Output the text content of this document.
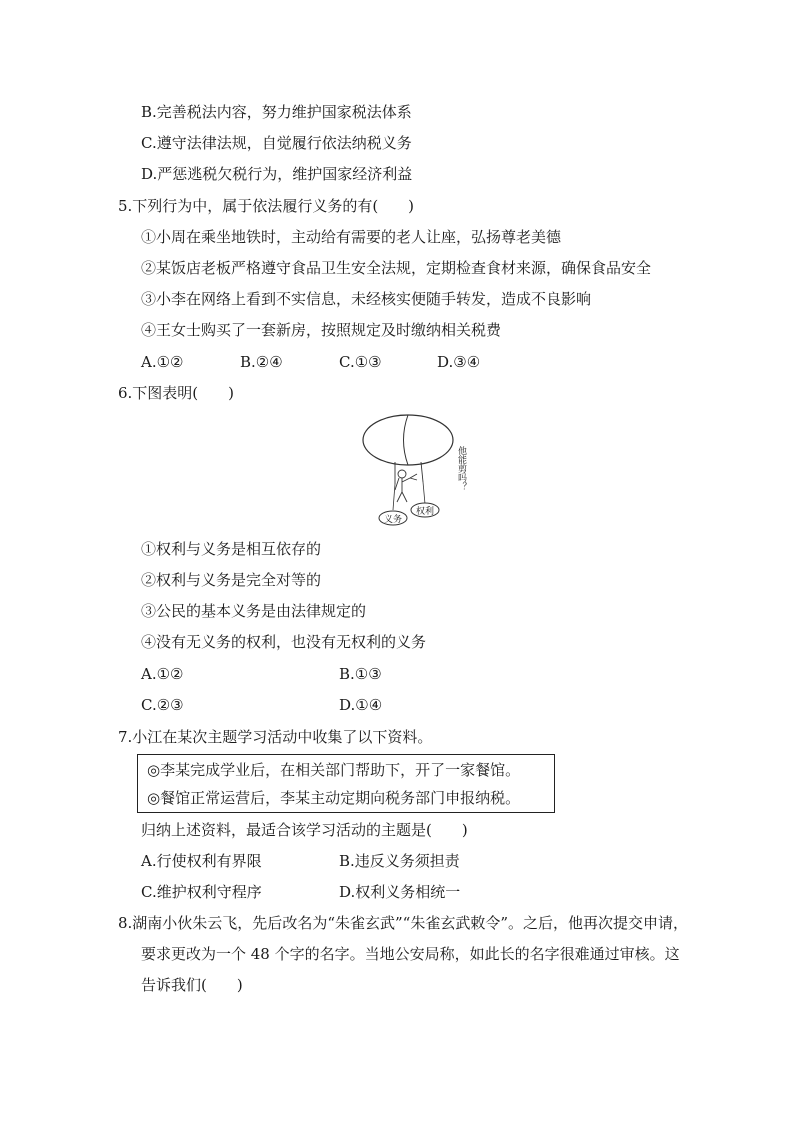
B.完善税法内容，努力维护国家税法体系
C.遵守法律法规，自觉履行依法纳税义务
D.严惩逃税欠税行为，维护国家经济利益
5.下列行为中，属于依法履行义务的有(　　)
①小周在乘坐地铁时，主动给有需要的老人让座，弘扬尊老美德
②某饭店老板严格遵守食品卫生安全法规，定期检查食材来源，确保食品安全
③小李在网络上看到不实信息，未经核实便随手转发，造成不良影响
④王女士购买了一套新房，按照规定及时缴纳相关税费
A.①②	B.②④	C.①③	D.③④
6.下图表明(　　)
义务
权利
他能剪吗？
①权利与义务是相互依存的
②权利与义务是完全对等的
③公民的基本义务是由法律规定的
④没有无义务的权利，也没有无权利的义务
A.①②	B.①③
C.②③	D.①④
7.小江在某次主题学习活动中收集了以下资料。
◎李某完成学业后，在相关部门帮助下，开了一家餐馆。
◎餐馆正常运营后，李某主动定期向税务部门申报纳税。
归纳上述资料，最适合该学习活动的主题是(　　)
A.行使权利有界限	B.违反义务须担责
C.维护权利守程序	D.权利义务相统一
8.湖南小伙朱云飞，先后改名为“朱雀玄武”“朱雀玄武敕令”。之后，他再次提交申请，
要求更改为一个 48 个字的名字。当地公安局称，如此长的名字很难通过审核。这
告诉我们(　　)
